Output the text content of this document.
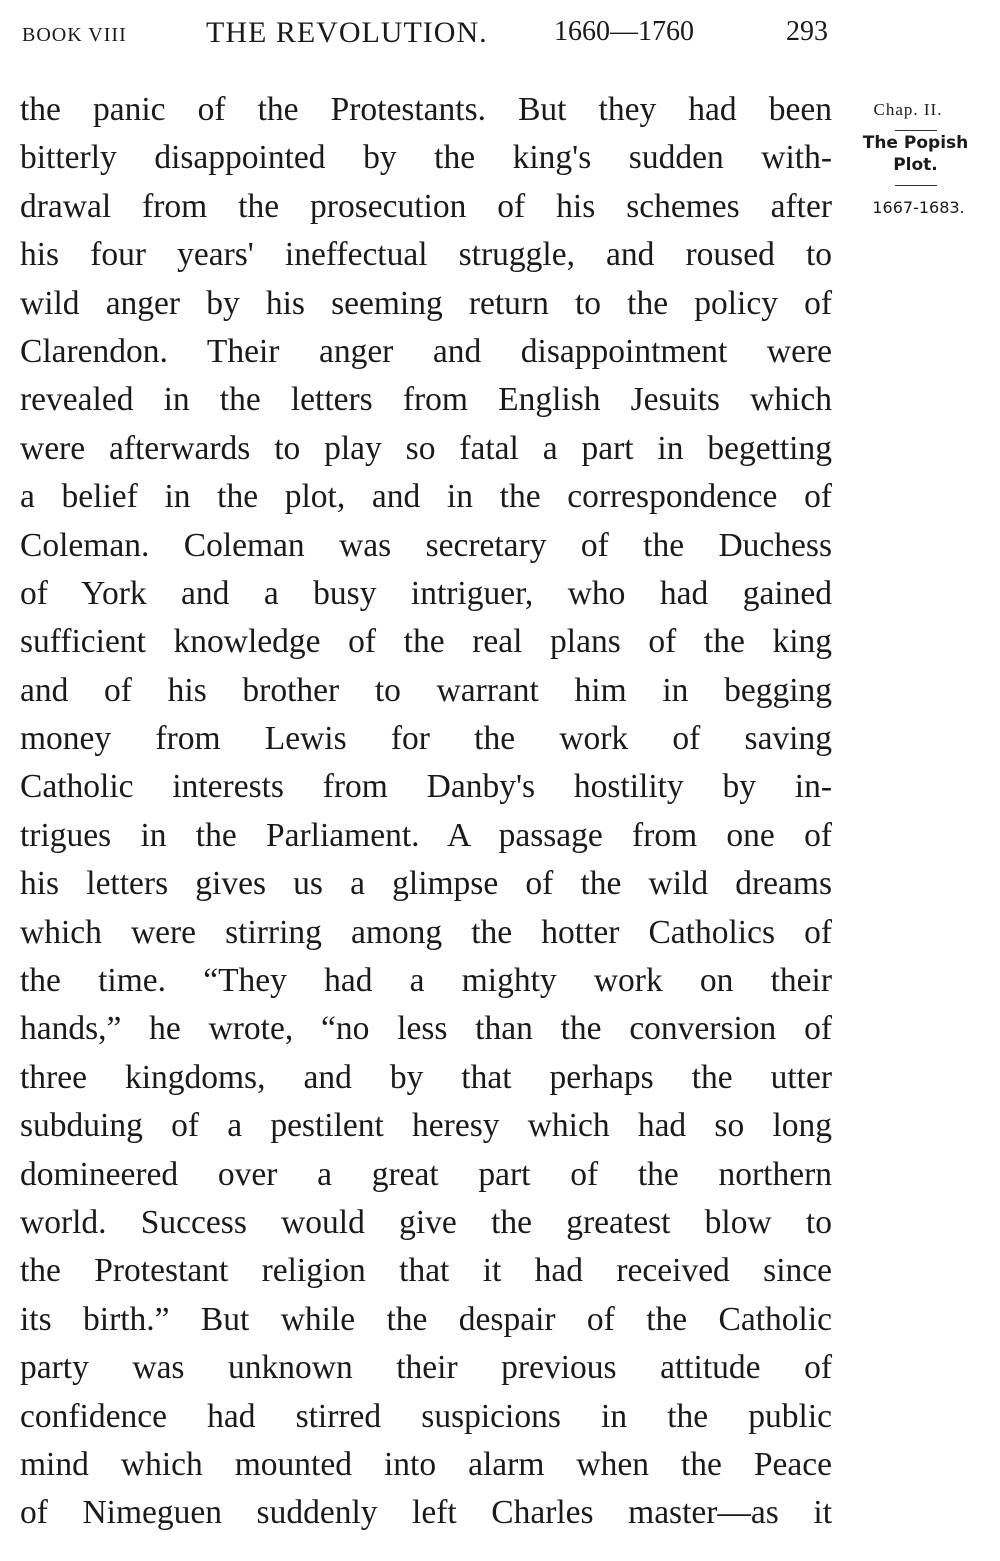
BOOK VIII	THE REVOLUTION. 1660—1760	293
the panic of the Protestants. But they had been
bitterly disappointed by the king's sudden with-
drawal from the prosecution of his schemes after
his four years' ineffectual struggle, and roused to
wild anger by his seeming return to the policy of
Clarendon. Their anger and disappointment were
revealed in the letters from English Jesuits which
were afterwards to play so fatal a part in begetting
a belief in the plot, and in the correspondence of
Coleman. Coleman was secretary of the Duchess
of York and a busy intriguer, who had gained
sufficient knowledge of the real plans of the king
and of his brother to warrant him in begging
money from Lewis for the work of saving
Catholic interests from Danby's hostility by in-
trigues in the Parliament. A passage from one of
his letters gives us a glimpse of the wild dreams
which were stirring among the hotter Catholics of
the time. “They had a mighty work on their
hands,” he wrote, “no less than the conversion of
three kingdoms, and by that perhaps the utter
subduing of a pestilent heresy which had so long
domineered over a great part of the northern
world. Success would give the greatest blow to
the Protestant religion that it had received since
its birth.” But while the despair of the Catholic
party was unknown their previous attitude of
confidence had stirred suspicions in the public
mind which mounted into alarm when the Peace
of Nimeguen suddenly left Charles master—as it
Chap. II.
The Popish
Plot.
1667-1683.
